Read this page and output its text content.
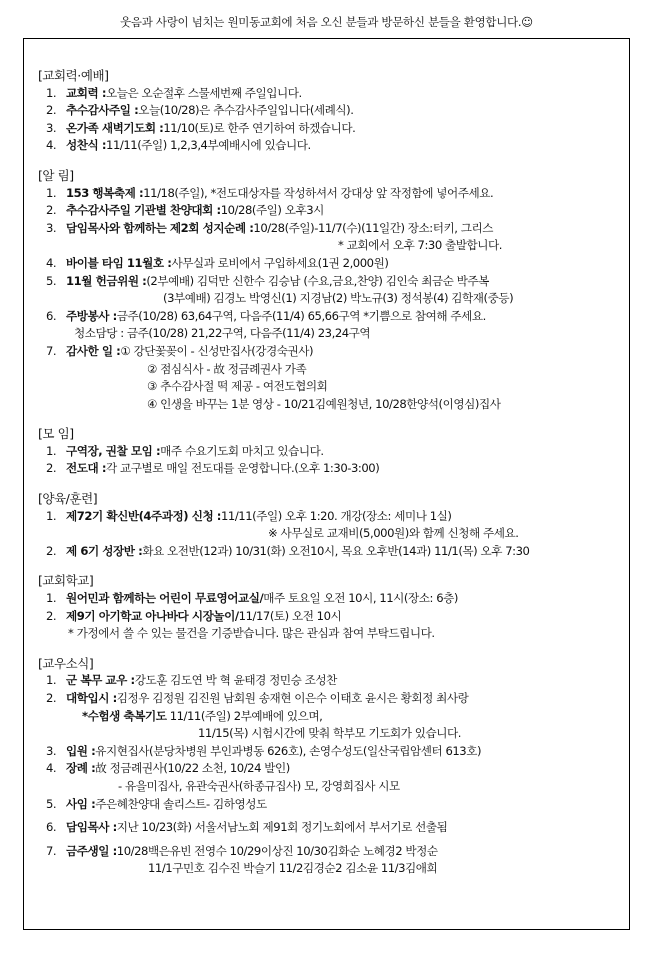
웃음과 사랑이 넘치는 원미동교회에 처음 오신 분들과 방문하신 분들을 환영합니다.☺
[교회력·예배]
1. 교회력 : 오늘은 오순절후 스물세번째 주일입니다.
2. 추수감사주일 : 오늘(10/28)은 추수감사주일입니다(세례식).
3. 온가족 새벽기도회 : 11/10(토)로 한주 연기하여 하겠습니다.
4. 성찬식 : 11/11(주일) 1,2,3,4부예배시에 있습니다.
[알 림]
1. 153 행복축제 : 11/18(주일), *전도대상자를 작성하셔서 강대상 앞 작정함에 넣어주세요.
2. 추수감사주일 기관별 찬양대회 : 10/28(주일) 오후3시
3. 담임목사와 함께하는 제2회 성지순례 : 10/28(주일)-11/7(수)(11일간) 장소:터키, 그리스
* 교회에서 오후 7:30 출발합니다.
4. 바이블 타임 11월호 : 사무실과 로비에서 구입하세요(1권 2,000원)
5. 11월 헌금위원 : (2부예배) 김덕만 신한수 김승남 (수요,금요,찬양) 김인숙 최금순 박주복
(3부예배) 김경노 박영신(1) 지경남(2) 박노규(3) 정석봉(4) 김학재(중등)
6. 주방봉사 : 금주(10/28) 63,64구역, 다음주(11/4) 65,66구역 *기쁨으로 참여해 주세요.
청소담당 : 금주(10/28) 21,22구역, 다음주(11/4) 23,24구역
7. 감사한 일 : ① 강단꽃꽂이 - 신성만집사(강경숙권사)
② 점심식사 - 故 정금례권사 가족
③ 추수감사절 떡 제공 - 여전도협의회
④ 인생을 바꾸는 1분 영상 - 10/21김예원청년, 10/28한양석(이영심)집사
[모 임]
1. 구역장, 권찰 모임 : 매주 수요기도회 마치고 있습니다.
2. 전도대 : 각 교구별로 매일 전도대를 운영합니다.(오후 1:30-3:00)
[양육/훈련]
1. 제72기 확신반(4주과정) 신청 : 11/11(주일) 오후 1:20. 개강(장소: 세미나 1실)
※ 사무실로 교재비(5,000원)와 함께 신청해 주세요.
2. 제 6기 성장반 : 화요 오전반(12과) 10/31(화) 오전10시, 목요 오후반(14과) 11/1(목) 오후 7:30
[교회학교]
1. 원어민과 함께하는 어린이 무료영어교실/ 매주 토요일 오전 10시, 11시(장소: 6층)
2. 제9기 아기학교 아나바다 시장놀이/ 11/17(토) 오전 10시
* 가정에서 쓸 수 있는 물건을 기증받습니다. 많은 관심과 참여 부탁드립니다.
[교우소식]
1. 군 복무 교우 : 강도훈 김도연 박 혁 윤태경 정민승 조성찬
2. 대학입시 : 김정우 김정원 김진원 남회원 송재현 이은수 이태호 윤시은 황회정 최사랑
*수험생 축복기도 11/11(주일) 2부예배에 있으며,
11/15(목) 시험시간에 맞춰 학부모 기도회가 있습니다.
3. 입원 : 유지현집사(분당차병원 부인과병동 626호), 손영수성도(일산국립암센터 613호)
4. 장례 : 故 정금례권사(10/22 소천, 10/24 발인)
- 유을미집사, 유관숙권사(하종규집사) 모, 강영희집사 시모
5. 사임 : 주은혜찬양대 솔리스트- 김하영성도
6. 담임목사 : 지난 10/23(화) 서울서남노회 제91회 정기노회에서 부서기로 선출됨
7. 금주생일 : 10/28백은유빈 전영수 10/29이상진 10/30김화순 노혜경2 박정순
11/1구민호 김수진 박슬기 11/2김경순2 김소윤 11/3김애희
